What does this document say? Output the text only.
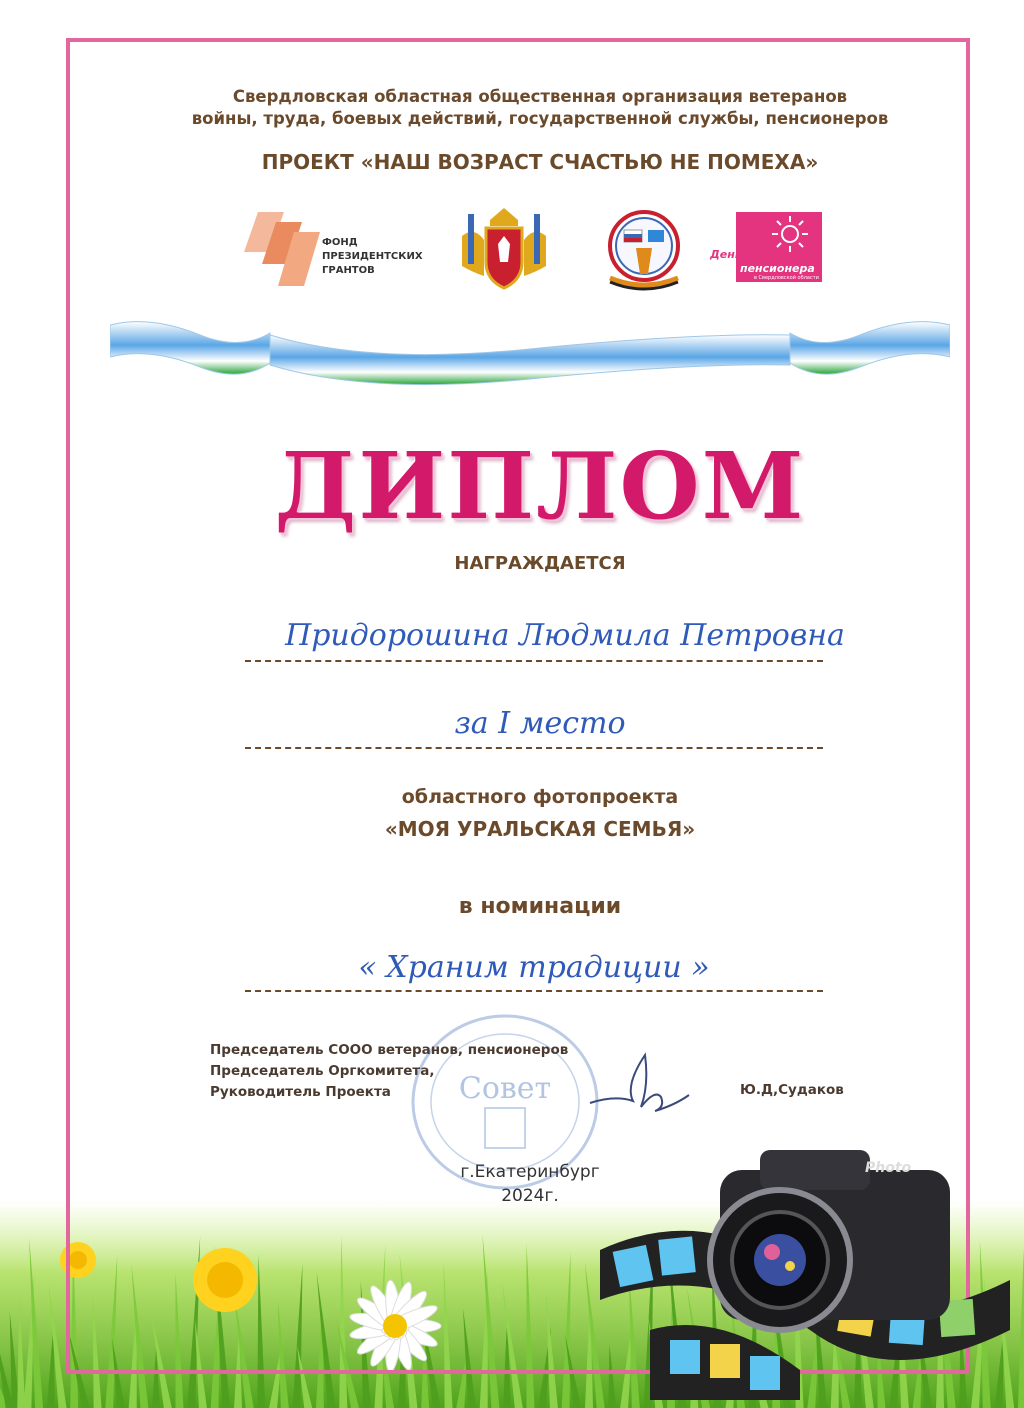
Свердловская областная общественная организация ветеранов
войны, труда, боевых действий, государственной службы, пенсионеров
ПРОЕКТ «НАШ ВОЗРАСТ СЧАСТЬЮ НЕ ПОМЕХА»
ФОНД
ПРЕЗИДЕНТСКИХ
ГРАНТОВ
День
пенсионера
в Свердловской области
ДИПЛОМ
НАГРАЖДАЕТСЯ
Придорошина Людмила Петровна
за I место
областного фотопроекта
«МОЯ УРАЛЬСКАЯ СЕМЬЯ»
в номинации
« Храним традиции »
Совет
Председатель СООО ветеранов, пенсионеров
Председатель Оргкомитета,
Руководитель Проекта	Ю.Д,Судаков
г.Екатеринбург
2024г.
Photo
